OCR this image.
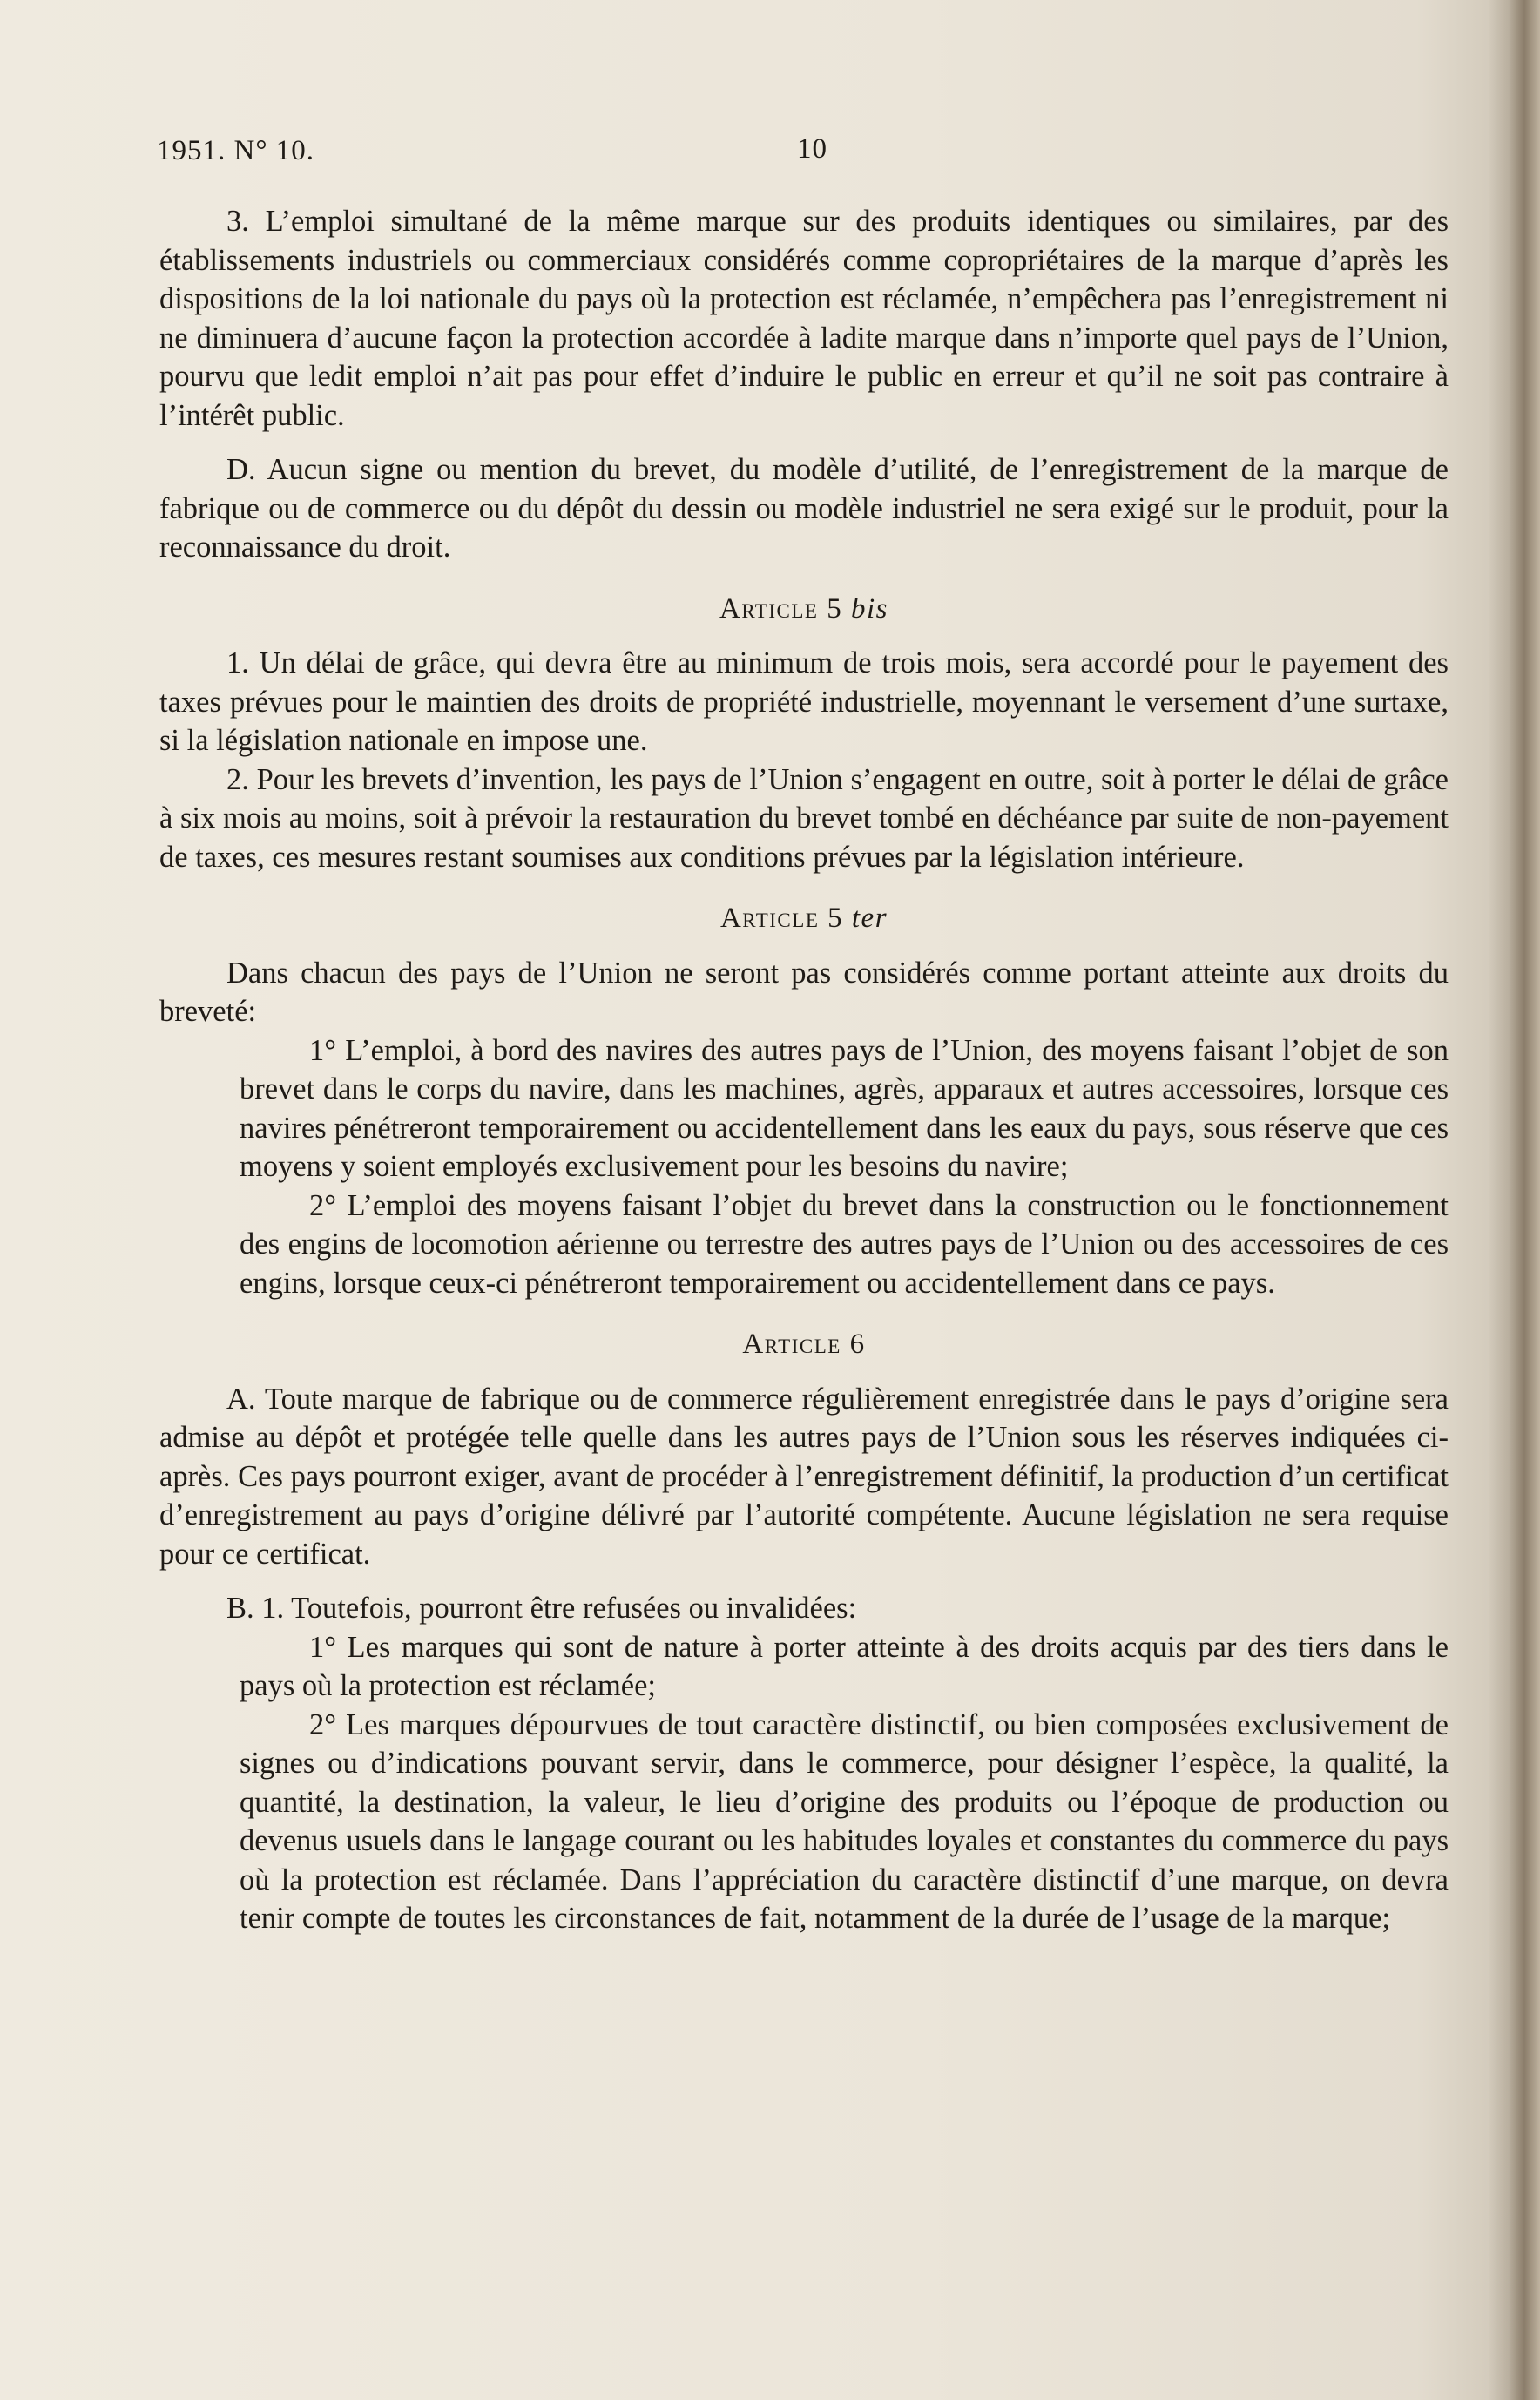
1951. N° 10.	10

3. L’emploi simultané de la même marque sur des produits identiques ou similaires, par des établissements industriels ou commerciaux considérés comme copropriétaires de la marque d’après les dispositions de la loi nationale du pays où la protection est réclamée, n’empêchera pas l’enregistrement ni ne diminuera d’aucune façon la protection accordée à ladite marque dans n’importe quel pays de l’Union, pourvu que ledit emploi n’ait pas pour effet d’induire le public en erreur et qu’il ne soit pas contraire à l’intérêt public.

D. Aucun signe ou mention du brevet, du modèle d’utilité, de l’enregistrement de la marque de fabrique ou de commerce ou du dépôt du dessin ou modèle industriel ne sera exigé sur le produit, pour la reconnaissance du droit.

Article 5 bis

1. Un délai de grâce, qui devra être au minimum de trois mois, sera accordé pour le payement des taxes prévues pour le maintien des droits de propriété industrielle, moyennant le versement d’une surtaxe, si la législation nationale en impose une.

2. Pour les brevets d’invention, les pays de l’Union s’engagent en outre, soit à porter le délai de grâce à six mois au moins, soit à prévoir la restauration du brevet tombé en déchéance par suite de non-payement de taxes, ces mesures restant soumises aux conditions prévues par la législation intérieure.

Article 5 ter

Dans chacun des pays de l’Union ne seront pas considérés comme portant atteinte aux droits du breveté:

1° L’emploi, à bord des navires des autres pays de l’Union, des moyens faisant l’objet de son brevet dans le corps du navire, dans les machines, agrès, apparaux et autres accessoires, lorsque ces navires pénétreront temporairement ou accidentellement dans les eaux du pays, sous réserve que ces moyens y soient employés exclusivement pour les besoins du navire;

2° L’emploi des moyens faisant l’objet du brevet dans la construction ou le fonctionnement des engins de locomotion aérienne ou terrestre des autres pays de l’Union ou des accessoires de ces engins, lorsque ceux-ci pénétreront temporairement ou accidentellement dans ce pays.

Article 6

A. Toute marque de fabrique ou de commerce régulièrement enregistrée dans le pays d’origine sera admise au dépôt et protégée telle quelle dans les autres pays de l’Union sous les réserves indiquées ci-après. Ces pays pourront exiger, avant de procéder à l’enregistrement définitif, la production d’un certificat d’enregistrement au pays d’origine délivré par l’autorité compétente. Aucune législation ne sera requise pour ce certificat.

B. 1. Toutefois, pourront être refusées ou invalidées:

1° Les marques qui sont de nature à porter atteinte à des droits acquis par des tiers dans le pays où la protection est réclamée;

2° Les marques dépourvues de tout caractère distinctif, ou bien composées exclusivement de signes ou d’indications pouvant servir, dans le commerce, pour désigner l’espèce, la qualité, la quantité, la destination, la valeur, le lieu d’origine des produits ou l’époque de production ou devenus usuels dans le langage courant ou les habitudes loyales et constantes du commerce du pays où la protection est réclamée. Dans l’appréciation du caractère distinctif d’une marque, on devra tenir compte de toutes les circonstances de fait, notamment de la durée de l’usage de la marque;
